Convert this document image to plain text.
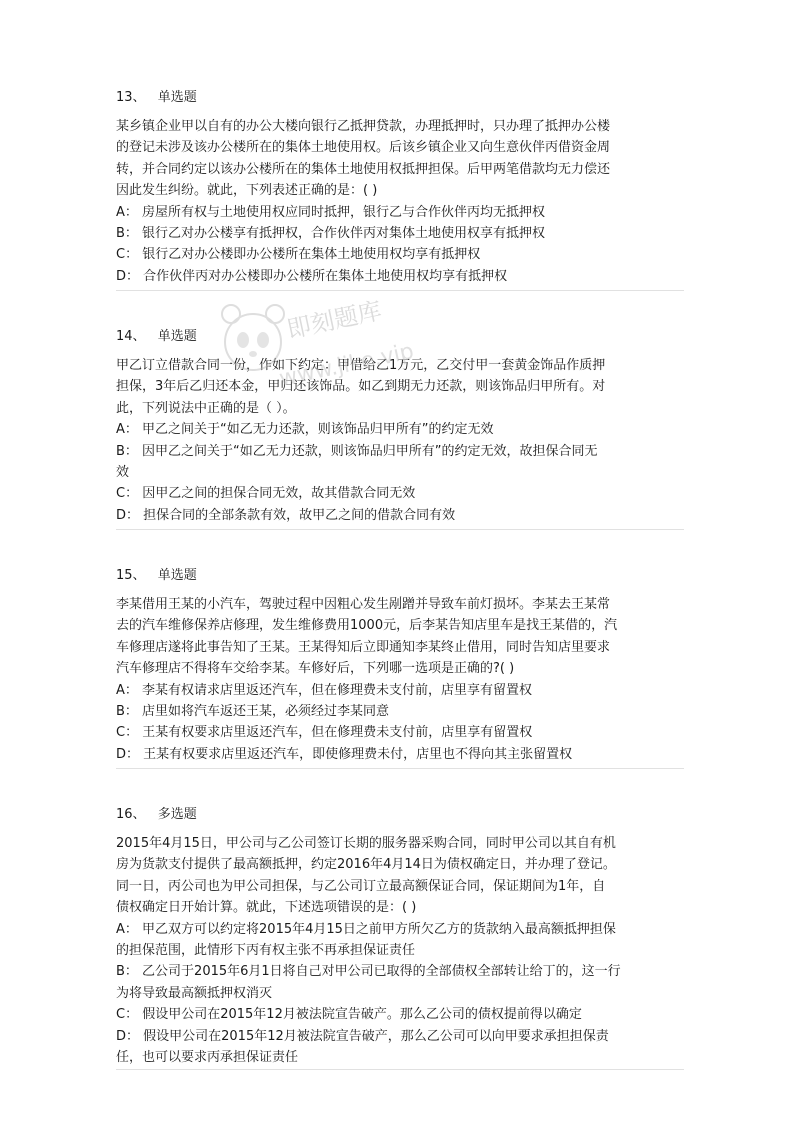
13、 单选题
某乡镇企业甲以自有的办公大楼向银行乙抵押贷款，办理抵押时，只办理了抵押办公楼
的登记未涉及该办公楼所在的集体土地使用权。后该乡镇企业又向生意伙伴丙借资金周
转，并合同约定以该办公楼所在的集体土地使用权抵押担保。后甲两笔借款均无力偿还
因此发生纠纷。就此，下列表述正确的是：( )
A： 房屋所有权与土地使用权应同时抵押，银行乙与合作伙伴丙均无抵押权
B： 银行乙对办公楼享有抵押权，合作伙伴丙对集体土地使用权享有抵押权
C： 银行乙对办公楼即办公楼所在集体土地使用权均享有抵押权
D： 合作伙伴丙对办公楼即办公楼所在集体土地使用权均享有抵押权
14、 单选题
甲乙订立借款合同一份，作如下约定：甲借给乙1万元，乙交付甲一套黄金饰品作质押
担保，3年后乙归还本金，甲归还该饰品。如乙到期无力还款，则该饰品归甲所有。对
此，下列说法中正确的是（ ）。
A： 甲乙之间关于“如乙无力还款，则该饰品归甲所有”的约定无效
B： 因甲乙之间关于“如乙无力还款，则该饰品归甲所有”的约定无效，故担保合同无
效
C： 因甲乙之间的担保合同无效，故其借款合同无效
D： 担保合同的全部条款有效，故甲乙之间的借款合同有效
15、 单选题
李某借用王某的小汽车，驾驶过程中因粗心发生剐蹭并导致车前灯损坏。李某去王某常
去的汽车维修保养店修理，发生维修费用1000元，后李某告知店里车是找王某借的，汽
车修理店遂将此事告知了王某。王某得知后立即通知李某终止借用，同时告知店里要求
汽车修理店不得将车交给李某。车修好后，下列哪一选项是正确的?( )
A： 李某有权请求店里返还汽车，但在修理费未支付前，店里享有留置权
B： 店里如将汽车返还王某，必须经过李某同意
C： 王某有权要求店里返还汽车，但在修理费未支付前，店里享有留置权
D： 王某有权要求店里返还汽车，即使修理费未付，店里也不得向其主张留置权
16、 多选题
2015年4月15日，甲公司与乙公司签订长期的服务器采购合同，同时甲公司以其自有机
房为货款支付提供了最高额抵押，约定2016年4月14日为债权确定日，并办理了登记。
同一日，丙公司也为甲公司担保，与乙公司订立最高额保证合同，保证期间为1年，自
债权确定日开始计算。就此，下述选项错误的是：( )
A： 甲乙双方可以约定将2015年4月15日之前甲方所欠乙方的货款纳入最高额抵押担保
的担保范围，此情形下丙有权主张不再承担保证责任
B： 乙公司于2015年6月1日将自己对甲公司已取得的全部债权全部转让给丁的，这一行
为将导致最高额抵押权消灭
C： 假设甲公司在2015年12月被法院宣告破产。那么乙公司的债权提前得以确定
D： 假设甲公司在2015年12月被法院宣告破产，那么乙公司可以向甲要求承担担保责
任，也可以要求丙承担保证责任
即刻题库
www.jike.vip
